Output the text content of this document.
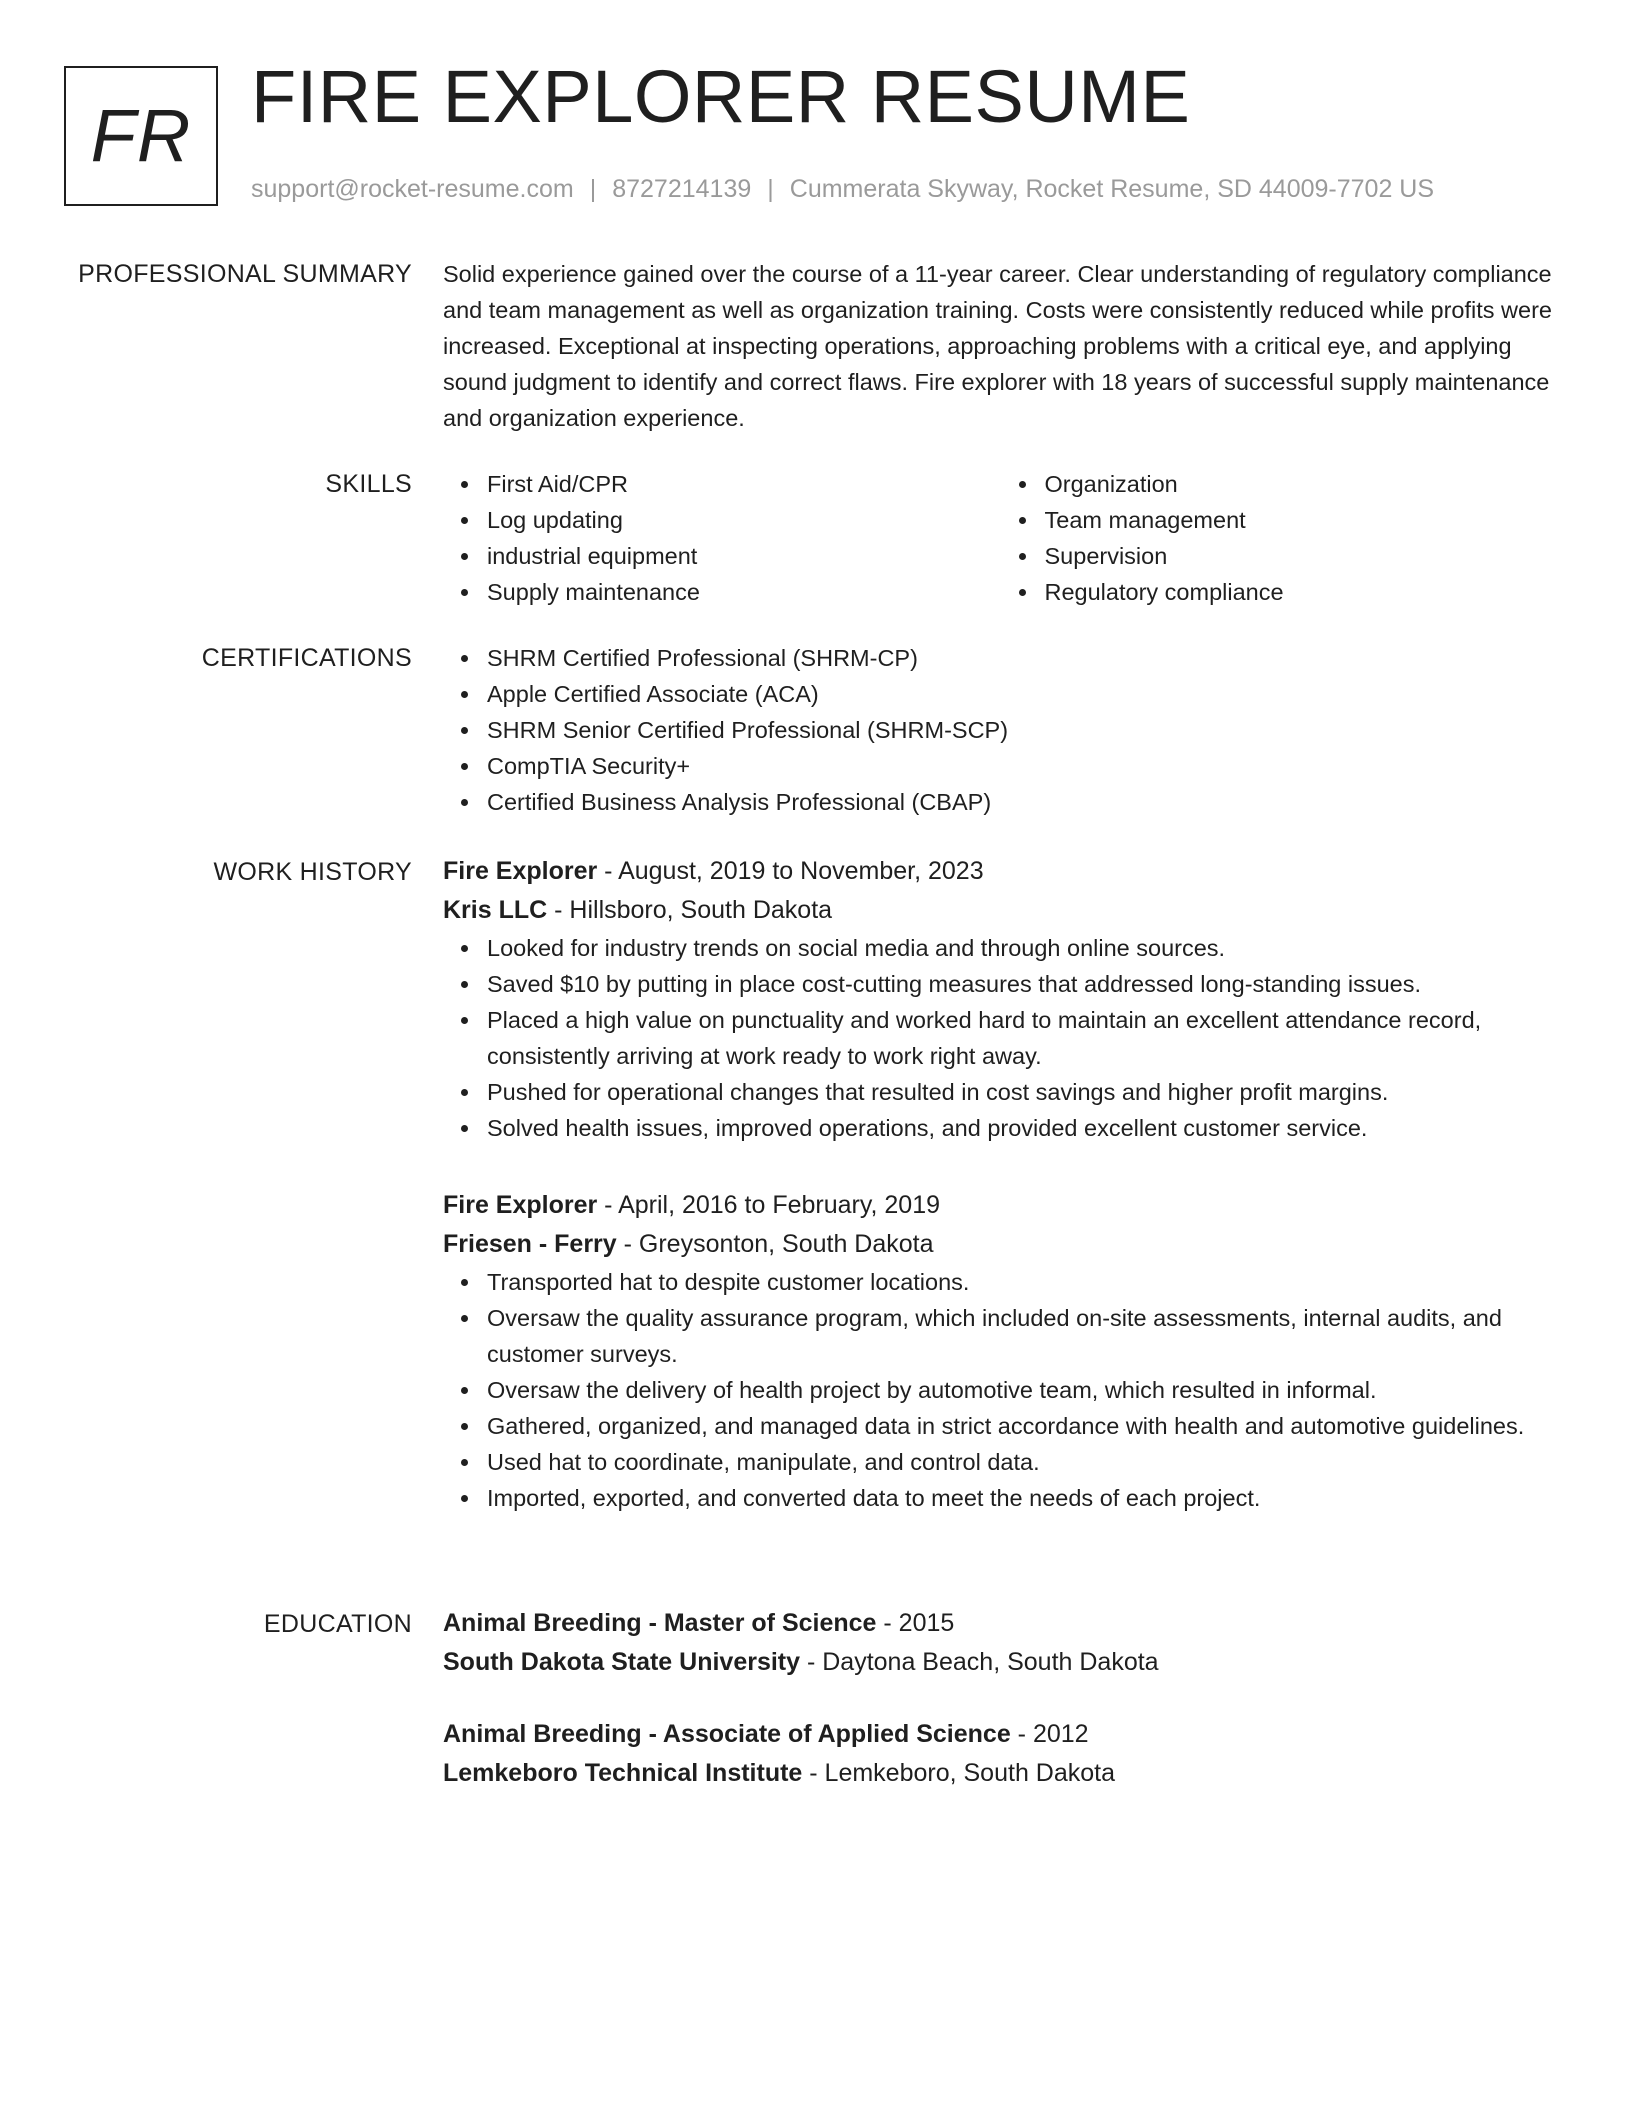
FR FIRE EXPLORER RESUME
support@rocket-resume.com | 8727214139 | Cummerata Skyway, Rocket Resume, SD 44009-7702 US
PROFESSIONAL SUMMARY Solid experience gained over the course of a 11-year career. Clear understanding of regulatory compliance and team management as well as organization training. Costs were consistently reduced while profits were increased. Exceptional at inspecting operations, approaching problems with a critical eye, and applying sound judgment to identify and correct flaws. Fire explorer with 18 years of successful supply maintenance and organization experience.

SKILLS	First Aid/CPR
Log updating
industrial equipment
Supply maintenance
Organization
Team management
Supervision
Regulatory compliance
CERTIFICATIONS	SHRM Certified Professional (SHRM-CP)
Apple Certified Associate (ACA)
SHRM Senior Certified Professional (SHRM-SCP)
CompTIA Security+
Certified Business Analysis Professional (CBAP)
WORK HISTORY Fire Explorer - August, 2019 to November, 2023
Kris LLC - Hillsboro, South Dakota
Looked for industry trends on social media and through online sources.
Saved $10 by putting in place cost-cutting measures that addressed long-standing issues.
Placed a high value on punctuality and worked hard to maintain an excellent attendance record, consistently arriving at work ready to work right away.
Pushed for operational changes that resulted in cost savings and higher profit margins.
Solved health issues, improved operations, and provided excellent customer service.
Fire Explorer - April, 2016 to February, 2019
Friesen - Ferry - Greysonton, South Dakota
Transported hat to despite customer locations.
Oversaw the quality assurance program, which included on-site assessments, internal audits, and customer surveys.
Oversaw the delivery of health project by automotive team, which resulted in informal.
Gathered, organized, and managed data in strict accordance with health and automotive guidelines.
Used hat to coordinate, manipulate, and control data.
Imported, exported, and converted data to meet the needs of each project.
EDUCATION Animal Breeding - Master of Science - 2015
South Dakota State University - Daytona Beach, South Dakota
Animal Breeding - Associate of Applied Science - 2012
Lemkeboro Technical Institute - Lemkeboro, South Dakota
